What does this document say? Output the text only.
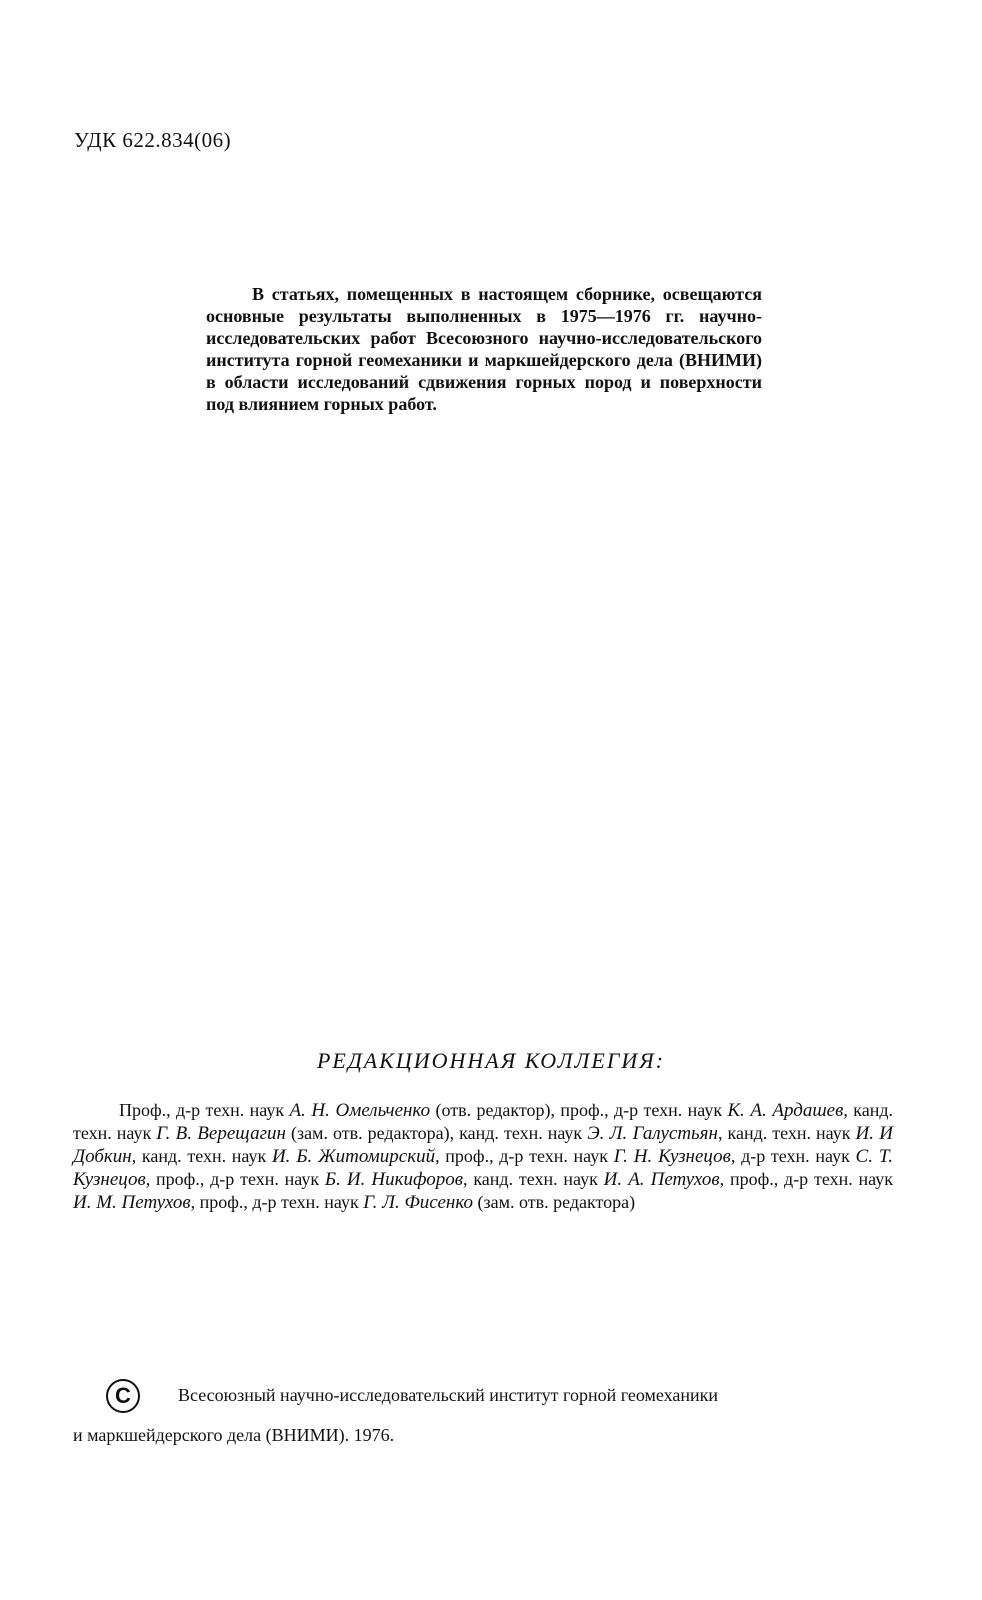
УДК 622.834(06)

В статьях, помещенных в настоящем сборнике, освещаются основные результаты выполненных в 1975—1976 гг. научно-исследовательских работ Всесоюзного научно-исследовательского института горной геомеханики и маркшейдерского дела (ВНИМИ) в области исследований сдвижения горных пород и поверхности под влиянием горных работ.

РЕДАКЦИОННАЯ КОЛЛЕГИЯ:

Проф., д-р техн. наук А. Н. Омельченко (отв. редактор), проф., д-р техн. наук К. А. Ардашев, канд. техн. наук Г. В. Верещагин (зам. отв. редактора), канд. техн. наук Э. Л. Галустьян, канд. техн. наук И. И Добкин, канд. техн. наук И. Б. Житомирский, проф., д-р техн. наук Г. Н. Кузнецов, д-р техн. наук С. Т. Кузнецов, проф., д-р техн. наук Б. И. Никифоров, канд. техн. наук И. А. Петухов, проф., д-р техн. наук И. М. Петухов, проф., д-р техн. наук Г. Л. Фисенко (зам. отв. редактора)

C	Всесоюзный научно-исследовательский институт горной геомеханики
и маркшейдерского дела (ВНИМИ). 1976.
